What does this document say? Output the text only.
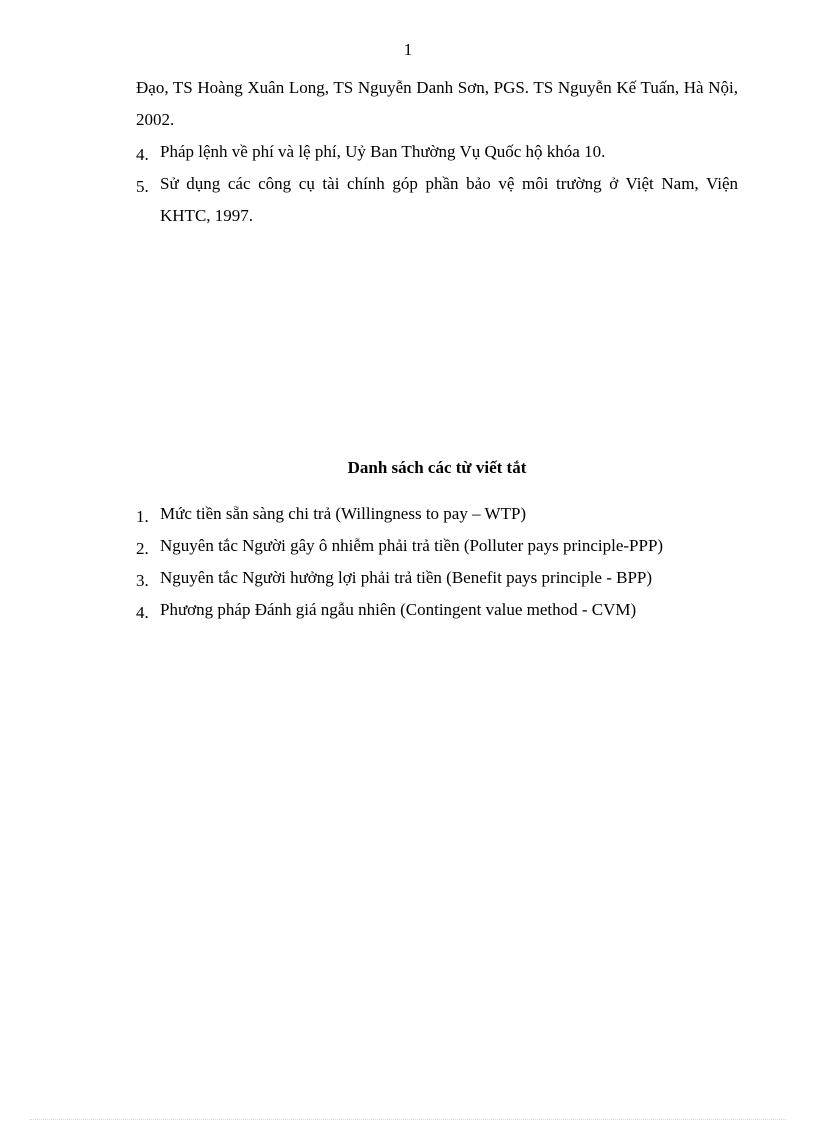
1
Đạo, TS Hoàng Xuân Long, TS Nguyễn Danh Sơn, PGS. TS Nguyễn Kế Tuấn, Hà Nội, 2002.
4. Pháp lệnh về phí và lệ phí, Uỷ Ban Thường Vụ Quốc hộ khóa 10.
5. Sử dụng các công cụ tài chính góp phần bảo vệ môi trường ở Việt Nam, Viện KHTC, 1997.
Danh sách các từ viết tắt
1. Mức tiền sẵn sàng chi trả (Willingness to pay – WTP)
2. Nguyên tắc Người gây ô nhiễm phải trả tiền (Polluter pays principle-PPP)
3. Nguyên tắc Người hưởng lợi phải trả tiền (Benefit pays principle - BPP)
4. Phương pháp Đánh giá ngẫu nhiên (Contingent value method - CVM)
